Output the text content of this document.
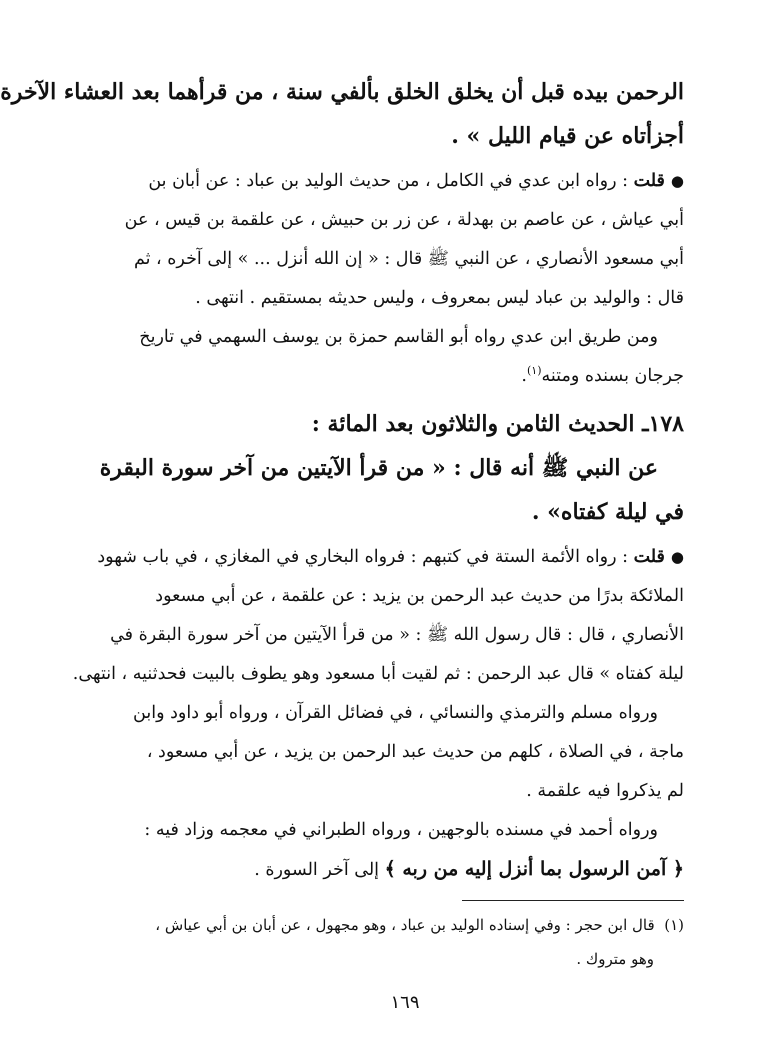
الرحمن بيده قبل أن يخلق الخلق بألفي سنة ، من قرأهما بعد العشاء الآخرة
أجزأتاه عن قيام الليل » .
●قلت : رواه ابن عدي في الكامل ، من حديث الوليد بن عباد : عن أبان بن
أبي عياش ، عن عاصم بن بهدلة ، عن زر بن حبيش ، عن علقمة بن قيس ، عن
أبي مسعود الأنصاري ، عن النبي ﷺ قال : « إن الله أنزل ... » إلى آخره ، ثم
قال : والوليد بن عباد ليس بمعروف ، وليس حديثه بمستقيم . انتهى .
ومن طريق ابن عدي رواه أبو القاسم حمزة بن يوسف السهمي في تاريخ
جرجان بسنده ومتنه$^{(١)}$.
١٧٨ـ الحديث الثامن والثلاثون بعد المائة :
عن النبي ﷺ أنه قال : « من قرأ الآيتين من آخر سورة البقرة
في ليلة كفتاه» .
●قلت : رواه الأئمة الستة في كتبهم : فرواه البخاري في المغازي ، في باب شهود
الملائكة بدرًا من حديث عبد الرحمن بن يزيد : عن علقمة ، عن أبي مسعود
الأنصاري ، قال : قال رسول الله ﷺ : « من قرأ الآيتين من آخر سورة البقرة في
ليلة كفتاه » قال عبد الرحمن : ثم لقيت أبا مسعود وهو يطوف بالبيت فحدثنيه ، انتهى.
ورواه مسلم والترمذي والنسائي ، في فضائل القرآن ، ورواه أبو داود وابن
ماجة ، في الصلاة ، كلهم من حديث عبد الرحمن بن يزيد ، عن أبي مسعود ،
لم يذكروا فيه علقمة .
ورواه أحمد في مسنده بالوجهين ، ورواه الطبراني في معجمه وزاد فيه :
﴿ آمن الرسول بما أنزل إليه من ربه ﴾ إلى آخر السورة .
(١)  قال ابن حجر : وفي إسناده الوليد بن عباد ، وهو مجهول ، عن أبان بن أبي عياش ،
وهو متروك .
١٦٩
